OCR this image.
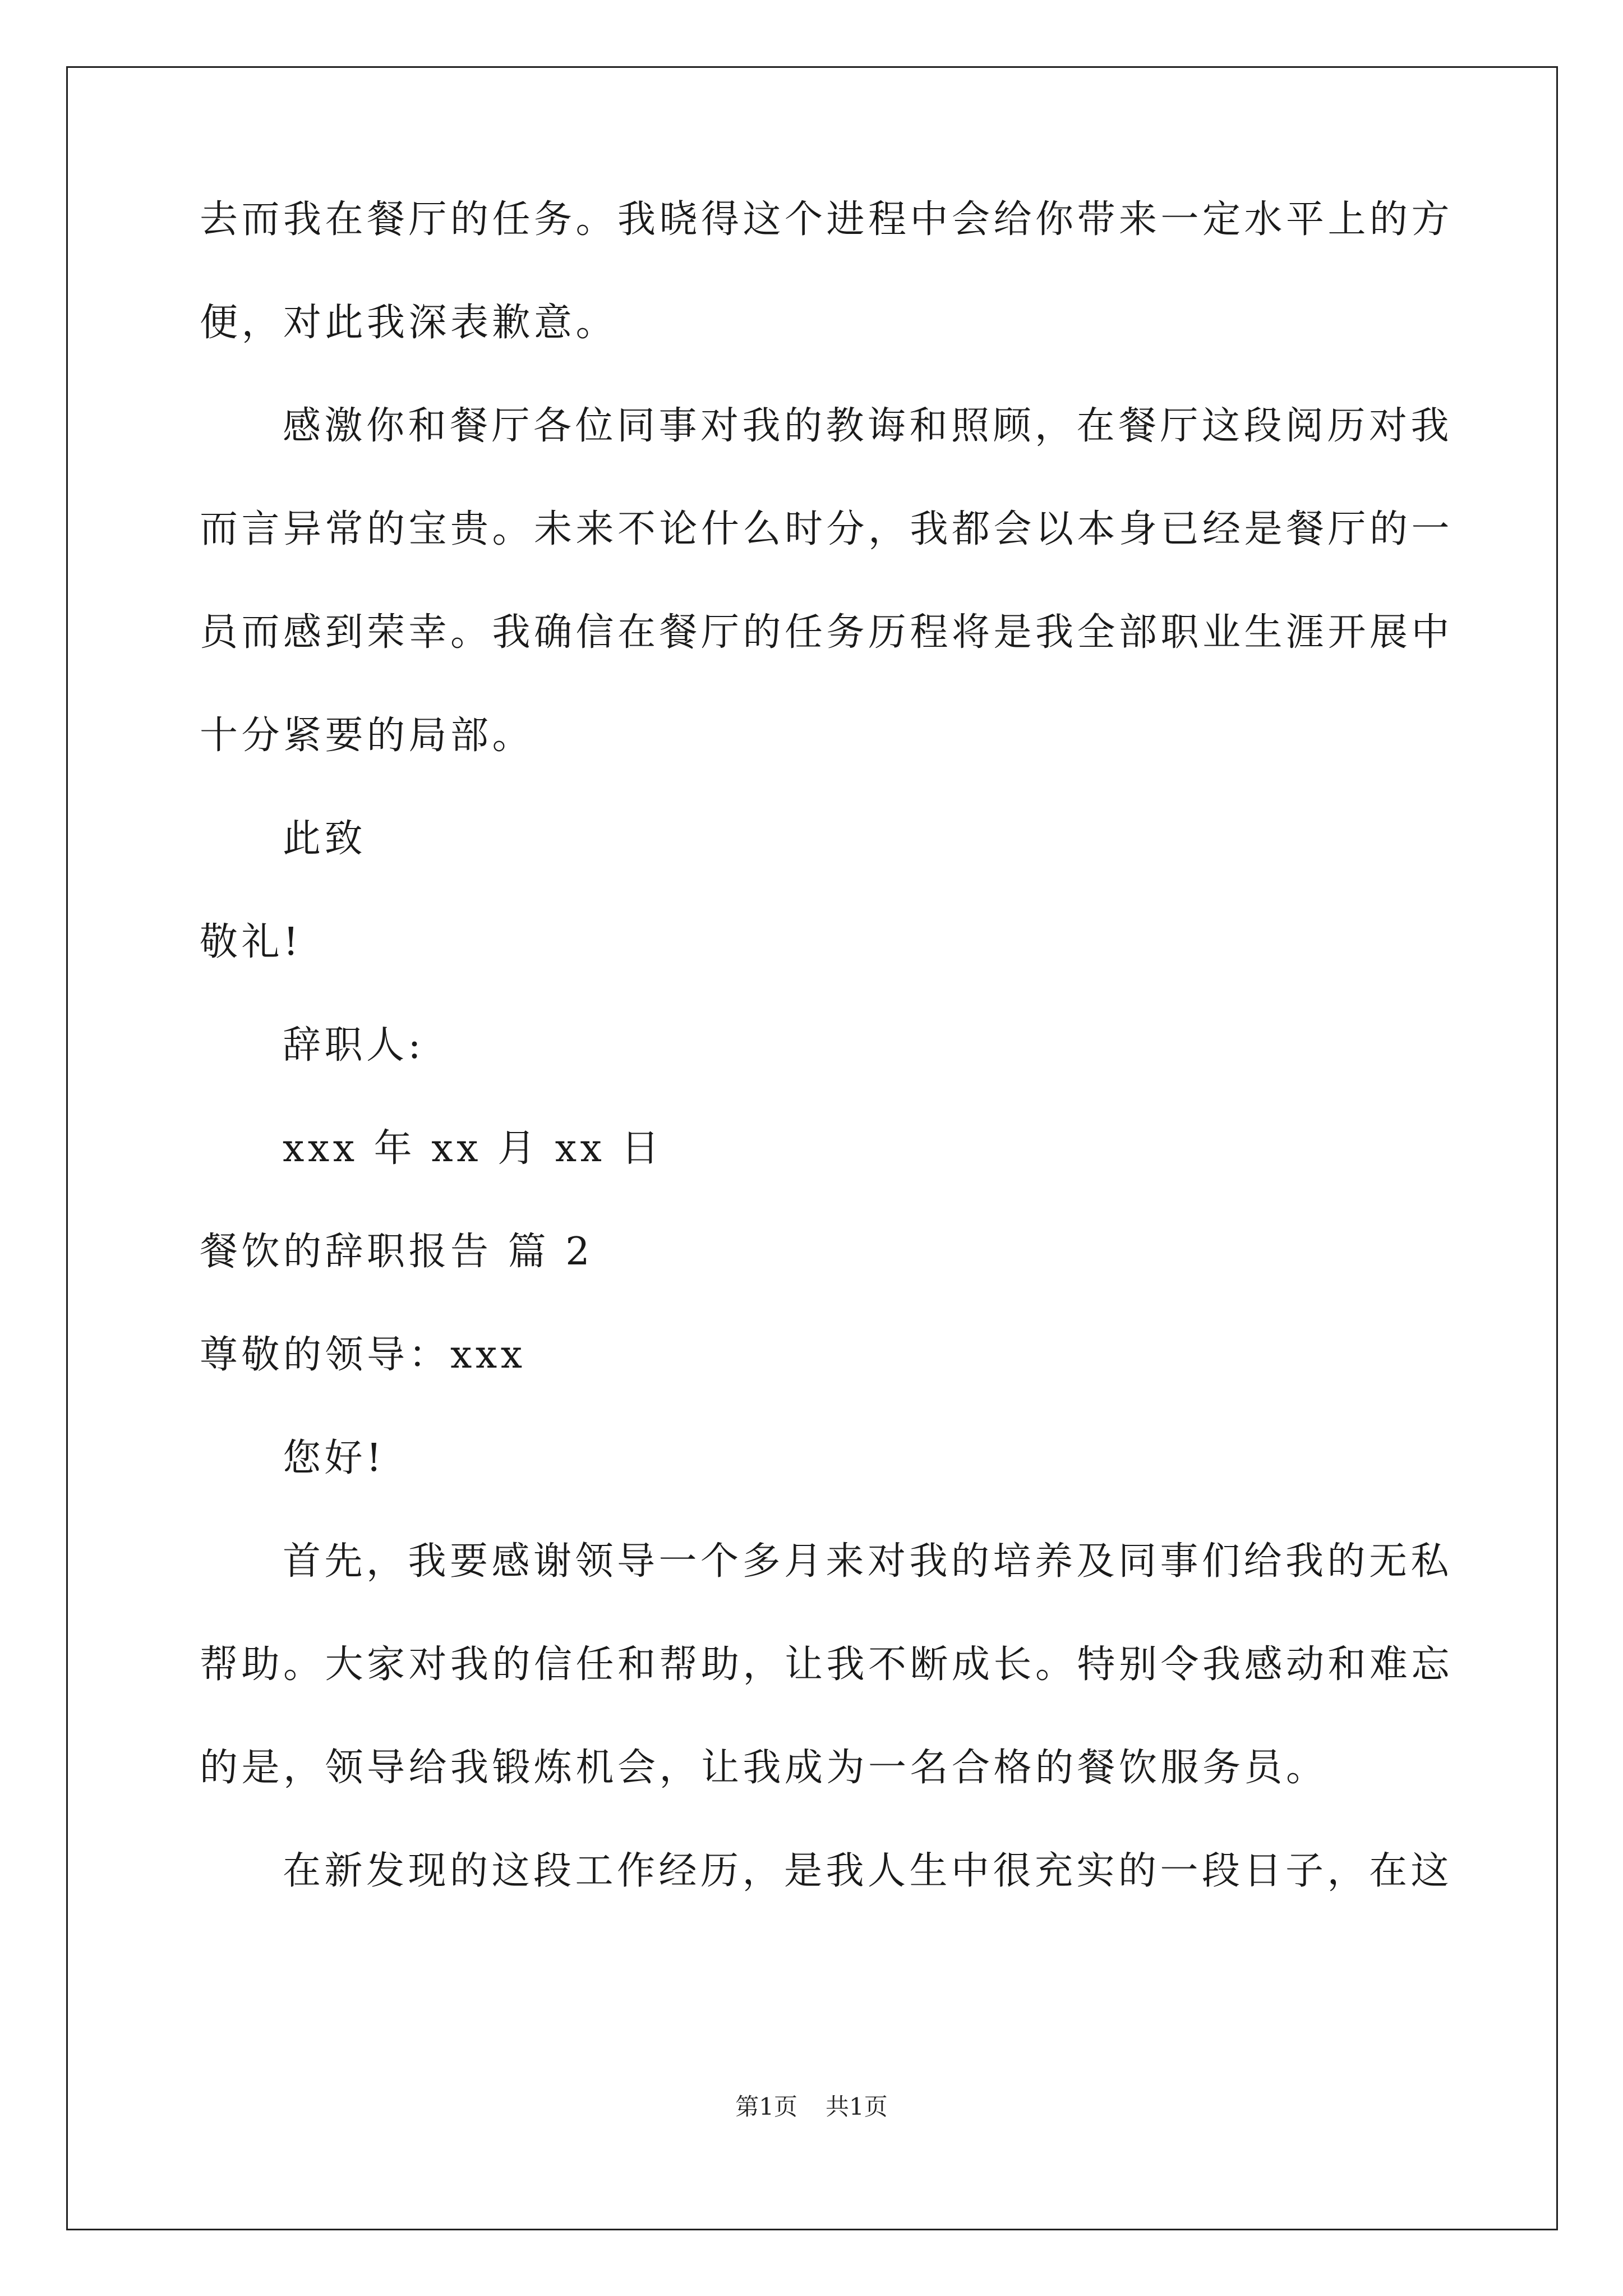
去而我在餐厅的任务。我晓得这个进程中会给你带来一定水平上的方
便，对此我深表歉意。
感激你和餐厅各位同事对我的教诲和照顾，在餐厅这段阅历对我
而言异常的宝贵。未来不论什么时分，我都会以本身已经是餐厅的一
员而感到荣幸。我确信在餐厅的任务历程将是我全部职业生涯开展中
十分紧要的局部。
此致
敬礼!
辞职人:
xxx 年 xx 月 xx 日
餐饮的辞职报告 篇 2
尊敬的领导：xxx
您好!
首先，我要感谢领导一个多月来对我的培养及同事们给我的无私
帮助。大家对我的信任和帮助，让我不断成长。特别令我感动和难忘
的是，领导给我锻炼机会，让我成为一名合格的餐饮服务员。
在新发现的这段工作经历，是我人生中很充实的一段日子，在这
第1页 共1页
